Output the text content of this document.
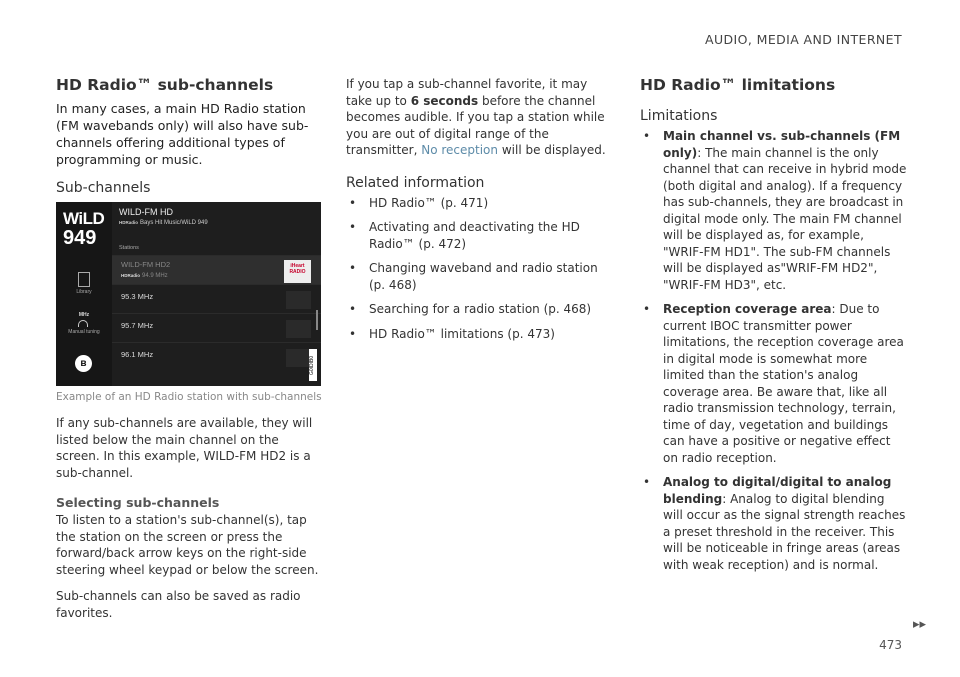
AUDIO, MEDIA AND INTERNET
HD Radio™ sub-channels

In many cases, a main HD Radio station (FM wavebands only) will also have sub-channels offering additional types of programming or music.

Sub-channels
WiLD
949
Library
MHz
Manual tuning
ʙ
WILD-FM HD
HDRadio Bays Hit Music/WiLD 949
Stations
WILD-FM HD2
HDRadio 94.9 MHz
iHeart RADIO
95.3 MHz
95.7 MHz
96.1 MHz
G0IDIB0
Example of an HD Radio station with sub-channels

If any sub-channels are available, they will listed below the main channel on the screen. In this example, WILD-FM HD2 is a sub-channel.

Selecting sub-channels

To listen to a station's sub-channel(s), tap the station on the screen or press the forward/back arrow keys on the right-side steering wheel keypad or below the screen.

Sub-channels can also be saved as radio favorites.

If you tap a sub-channel favorite, it may take up to 6 seconds before the channel becomes audible. If you tap a station while you are out of digital range of the transmitter, No reception will be displayed.

Related information
• HD Radio™ (p. 471)
• Activating and deactivating the HD Radio™ (p. 472)
• Changing waveband and radio station (p. 468)
• Searching for a radio station (p. 468)
• HD Radio™ limitations (p. 473)
HD Radio™ limitations
Limitations
• Main channel vs. sub-channels (FM only): The main channel is the only channel that can receive in hybrid mode (both digital and analog). If a frequency has sub-channels, they are broadcast in digital mode only. The main FM channel will be displayed as, for example, "WRIF-FM HD1". The sub-FM channels will be displayed as"WRIF-FM HD2", "WRIF-FM HD3", etc.
• Reception coverage area: Due to current IBOC transmitter power limitations, the reception coverage area in digital mode is somewhat more limited than the station's analog coverage area. Be aware that, like all radio transmission technology, terrain, time of day, vegetation and buildings can have a positive or negative effect on radio reception.
• Analog to digital/digital to analog blending: Analog to digital blending will occur as the signal strength reaches a preset threshold in the receiver. This will be noticeable in fringe areas (areas with weak reception) and is normal.
▸▸
473
